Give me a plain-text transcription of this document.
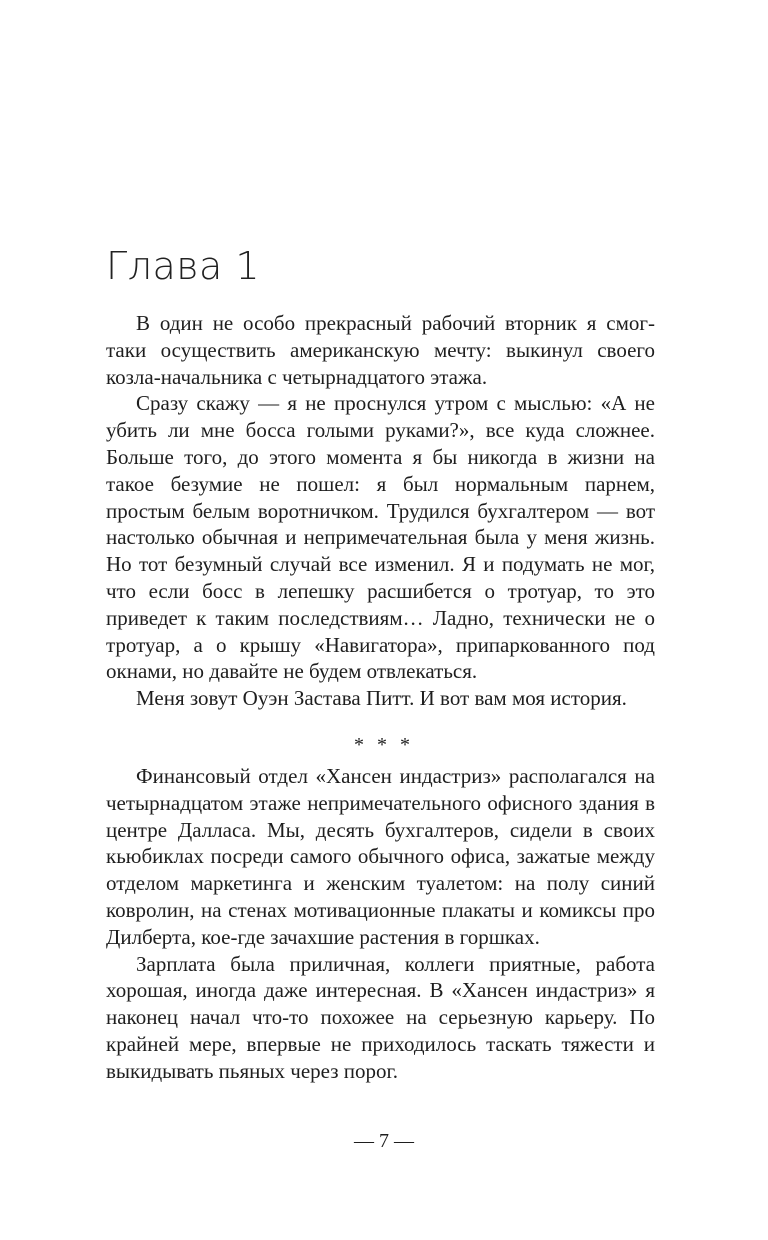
Глава 1

В один не особо прекрасный рабочий вторник я смог-таки осуществить американскую мечту: выкинул своего козла-начальника с четырнадцатого этажа.

Сразу скажу — я не проснулся утром с мыслью: «А не убить ли мне босса голыми руками?», все куда сложнее. Больше того, до этого момента я бы никогда в жизни на такое безумие не пошел: я был нормальным парнем, простым белым воротничком. Трудился бухгалтером — вот настолько обычная и непримечательная была у меня жизнь. Но тот безумный случай все изменил. Я и подумать не мог, что если босс в лепешку расшибется о тротуар, то это приведет к таким последствиям… Ладно, технически не о тротуар, а о крышу «Навигатора», припаркованного под окнами, но давайте не будем отвлекаться.

Меня зовут Оуэн Застава Питт. И вот вам моя история.

* * *

Финансовый отдел «Хансен индастриз» располагался на четырнадцатом этаже непримечательного офисного здания в центре Далласа. Мы, десять бухгалтеров, сидели в своих кьюбиклах посреди самого обычного офиса, зажатые между отделом маркетинга и женским туалетом: на полу синий ковролин, на стенах мотивационные плакаты и комиксы про Дилберта, кое-где зачахшие растения в горшках.

Зарплата была приличная, коллеги приятные, работа хорошая, иногда даже интересная. В «Хансен индастриз» я наконец начал что-то похожее на серьезную карьеру. По крайней мере, впервые не приходилось таскать тяжести и выкидывать пьяных через порог.

— 7 —
